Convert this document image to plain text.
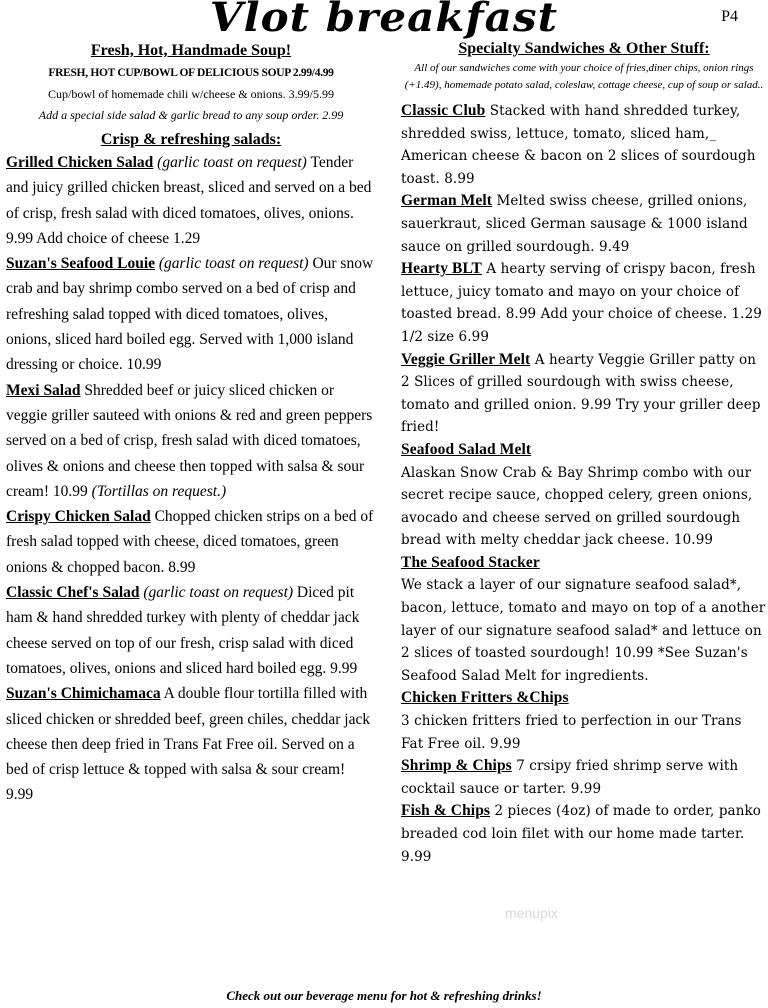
Vlot breakfast	P4
Fresh, Hot, Handmade Soup!
FRESH, HOT CUP/BOWL OF DELICIOUS SOUP 2.99/4.99
Cup/bowl of homemade chili w/cheese & onions. 3.99/5.99
Add a special side salad & garlic bread to any soup order. 2.99
Crisp & refreshing salads:
Grilled Chicken Salad (garlic toast on request) Tender and juicy grilled chicken breast, sliced and served on a bed of crisp, fresh salad with diced tomatoes, olives, onions. 9.99 Add choice of cheese 1.29
Suzan's Seafood Louie (garlic toast on request) Our snow crab and bay shrimp combo served on a bed of crisp and refreshing salad topped with diced tomatoes, olives, onions, sliced hard boiled egg. Served with 1,000 island dressing or choice. 10.99
Mexi Salad Shredded beef or juicy sliced chicken or veggie griller sauteed with onions & red and green peppers served on a bed of crisp, fresh salad with diced tomatoes, olives & onions and cheese then topped with salsa & sour cream! 10.99 (Tortillas on request.)
Crispy Chicken Salad Chopped chicken strips on a bed of fresh salad topped with cheese, diced tomatoes, green onions & chopped bacon. 8.99
Classic Chef's Salad (garlic toast on request) Diced pit ham & hand shredded turkey with plenty of cheddar jack cheese served on top of our fresh, crisp salad with diced tomatoes, olives, onions and sliced hard boiled egg. 9.99
Suzan's Chimichamaca A double flour tortilla filled with sliced chicken or shredded beef, green chiles, cheddar jack cheese then deep fried in Trans Fat Free oil. Served on a bed of crisp lettuce & topped with salsa & sour cream! 9.99
Specialty Sandwiches & Other Stuff:
All of our sandwiches come with your choice of fries,diner chips, onion rings (+1.49), homemade potato salad, coleslaw, cottage cheese, cup of soup or salad..
Classic Club Stacked with hand shredded turkey, shredded swiss, lettuce, tomato, sliced ham,_ American cheese & bacon on 2 slices of sourdough toast. 8.99
German Melt Melted swiss cheese, grilled onions, sauerkraut, sliced German sausage & 1000 island sauce on grilled sourdough. 9.49
Hearty BLT A hearty serving of crispy bacon, fresh lettuce, juicy tomato and mayo on your choice of toasted bread. 8.99 Add your choice of cheese. 1.29 1/2 size 6.99
Veggie Griller Melt A hearty Veggie Griller patty on 2 Slices of grilled sourdough with swiss cheese, tomato and grilled onion. 9.99 Try your griller deep fried!
Seafood Salad Melt
Alaskan Snow Crab & Bay Shrimp combo with our secret recipe sauce, chopped celery, green onions, avocado and cheese served on grilled sourdough bread with melty cheddar jack cheese. 10.99
The Seafood Stacker
We stack a layer of our signature seafood salad*, bacon, lettuce, tomato and mayo on top of a another layer of our signature seafood salad* and lettuce on 2 slices of toasted sourdough! 10.99 *See Suzan's Seafood Salad Melt for ingredients.
Chicken Fritters &Chips
3 chicken fritters fried to perfection in our Trans Fat Free oil. 9.99
Shrimp & Chips 7 crsipy fried shrimp serve with cocktail sauce or tarter. 9.99
Fish & Chips 2 pieces (4oz) of made to order, panko breaded cod loin filet with our home made tarter. 9.99
menupix
Check out our beverage menu for hot & refreshing drinks!
